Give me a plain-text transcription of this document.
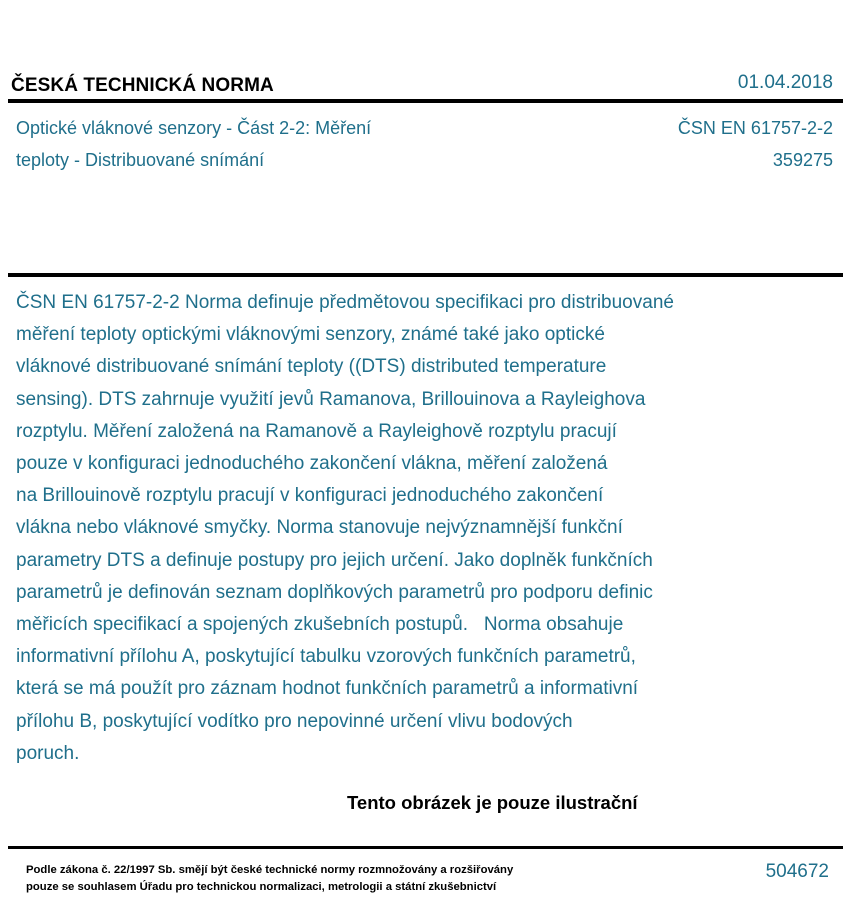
ČESKÁ TECHNICKÁ NORMA	01.04.2018
Optické vláknové senzory - Část 2-2: Měření
teploty - Distribuované snímání
ČSN EN 61757-2-2
359275
ČSN EN 61757-2-2 Norma definuje předmětovou specifikaci pro distribuované
měření teploty optickými vláknovými senzory, známé také jako optické
vláknové distribuované snímání teploty ((DTS) distributed temperature
sensing). DTS zahrnuje využití jevů Ramanova, Brillouinova a Rayleighova
rozptylu. Měření založená na Ramanově a Rayleighově rozptylu pracují
pouze v konfiguraci jednoduchého zakončení vlákna, měření založená
na Brillouinově rozptylu pracují v konfiguraci jednoduchého zakončení
vlákna nebo vláknové smyčky. Norma stanovuje nejvýznamnější funkční
parametry DTS a definuje postupy pro jejich určení. Jako doplněk funkčních
parametrů je definován seznam doplňkových parametrů pro podporu definic
měřicích specifikací a spojených zkušebních postupů.   Norma obsahuje
informativní přílohu A, poskytující tabulku vzorových funkčních parametrů,
která se má použít pro záznam hodnot funkčních parametrů a informativní
přílohu B, poskytující vodítko pro nepovinné určení vlivu bodových
poruch.
Tento obrázek je pouze ilustrační
Podle zákona č. 22/1997 Sb. smějí být české technické normy rozmnožovány a rozšiřovány
pouze se souhlasem Úřadu pro technickou normalizaci, metrologii a státní zkušebnictví
504672
